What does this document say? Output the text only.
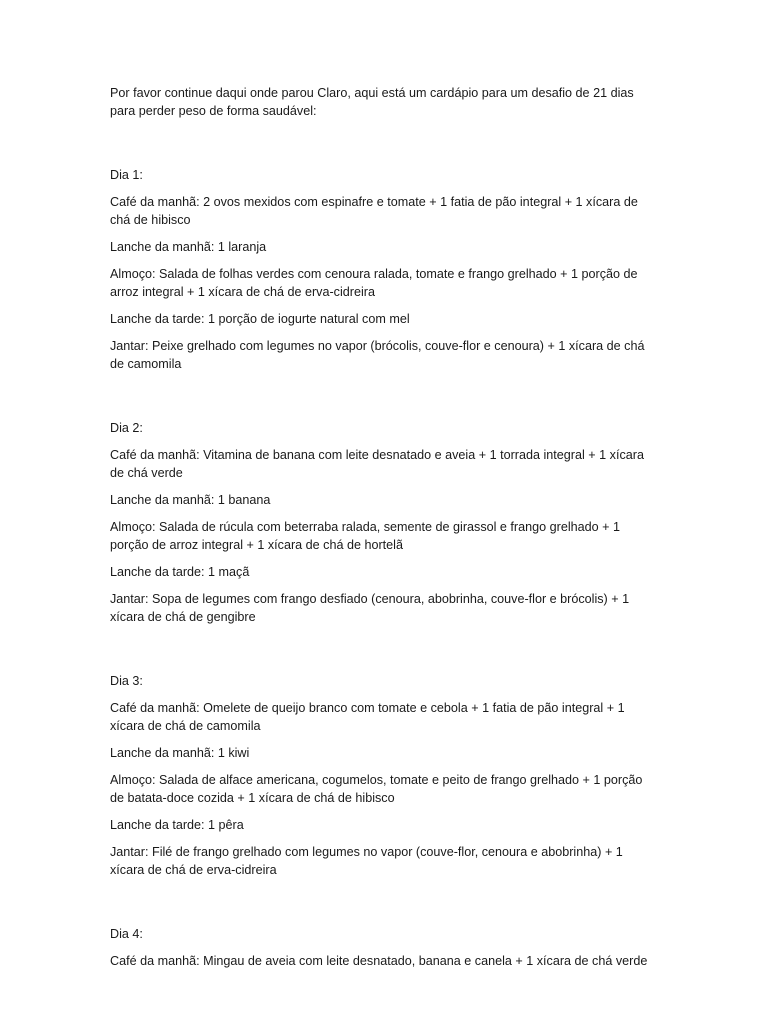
Por favor continue daqui onde parou Claro, aqui está um cardápio para um desafio de 21 dias para perder peso de forma saudável:

Dia 1:

Café da manhã: 2 ovos mexidos com espinafre e tomate + 1 fatia de pão integral + 1 xícara de chá de hibisco

Lanche da manhã: 1 laranja

Almoço: Salada de folhas verdes com cenoura ralada, tomate e frango grelhado + 1 porção de arroz integral + 1 xícara de chá de erva-cidreira

Lanche da tarde: 1 porção de iogurte natural com mel

Jantar: Peixe grelhado com legumes no vapor (brócolis, couve-flor e cenoura) + 1 xícara de chá de camomila

Dia 2:

Café da manhã: Vitamina de banana com leite desnatado e aveia + 1 torrada integral + 1 xícara de chá verde

Lanche da manhã: 1 banana

Almoço: Salada de rúcula com beterraba ralada, semente de girassol e frango grelhado + 1 porção de arroz integral + 1 xícara de chá de hortelã

Lanche da tarde: 1 maçã

Jantar: Sopa de legumes com frango desfiado (cenoura, abobrinha, couve-flor e brócolis) + 1 xícara de chá de gengibre

Dia 3:

Café da manhã: Omelete de queijo branco com tomate e cebola + 1 fatia de pão integral + 1 xícara de chá de camomila

Lanche da manhã: 1 kiwi

Almoço: Salada de alface americana, cogumelos, tomate e peito de frango grelhado + 1 porção de batata-doce cozida + 1 xícara de chá de hibisco

Lanche da tarde: 1 pêra

Jantar: Filé de frango grelhado com legumes no vapor (couve-flor, cenoura e abobrinha) + 1 xícara de chá de erva-cidreira

Dia 4:

Café da manhã: Mingau de aveia com leite desnatado, banana e canela + 1 xícara de chá verde
